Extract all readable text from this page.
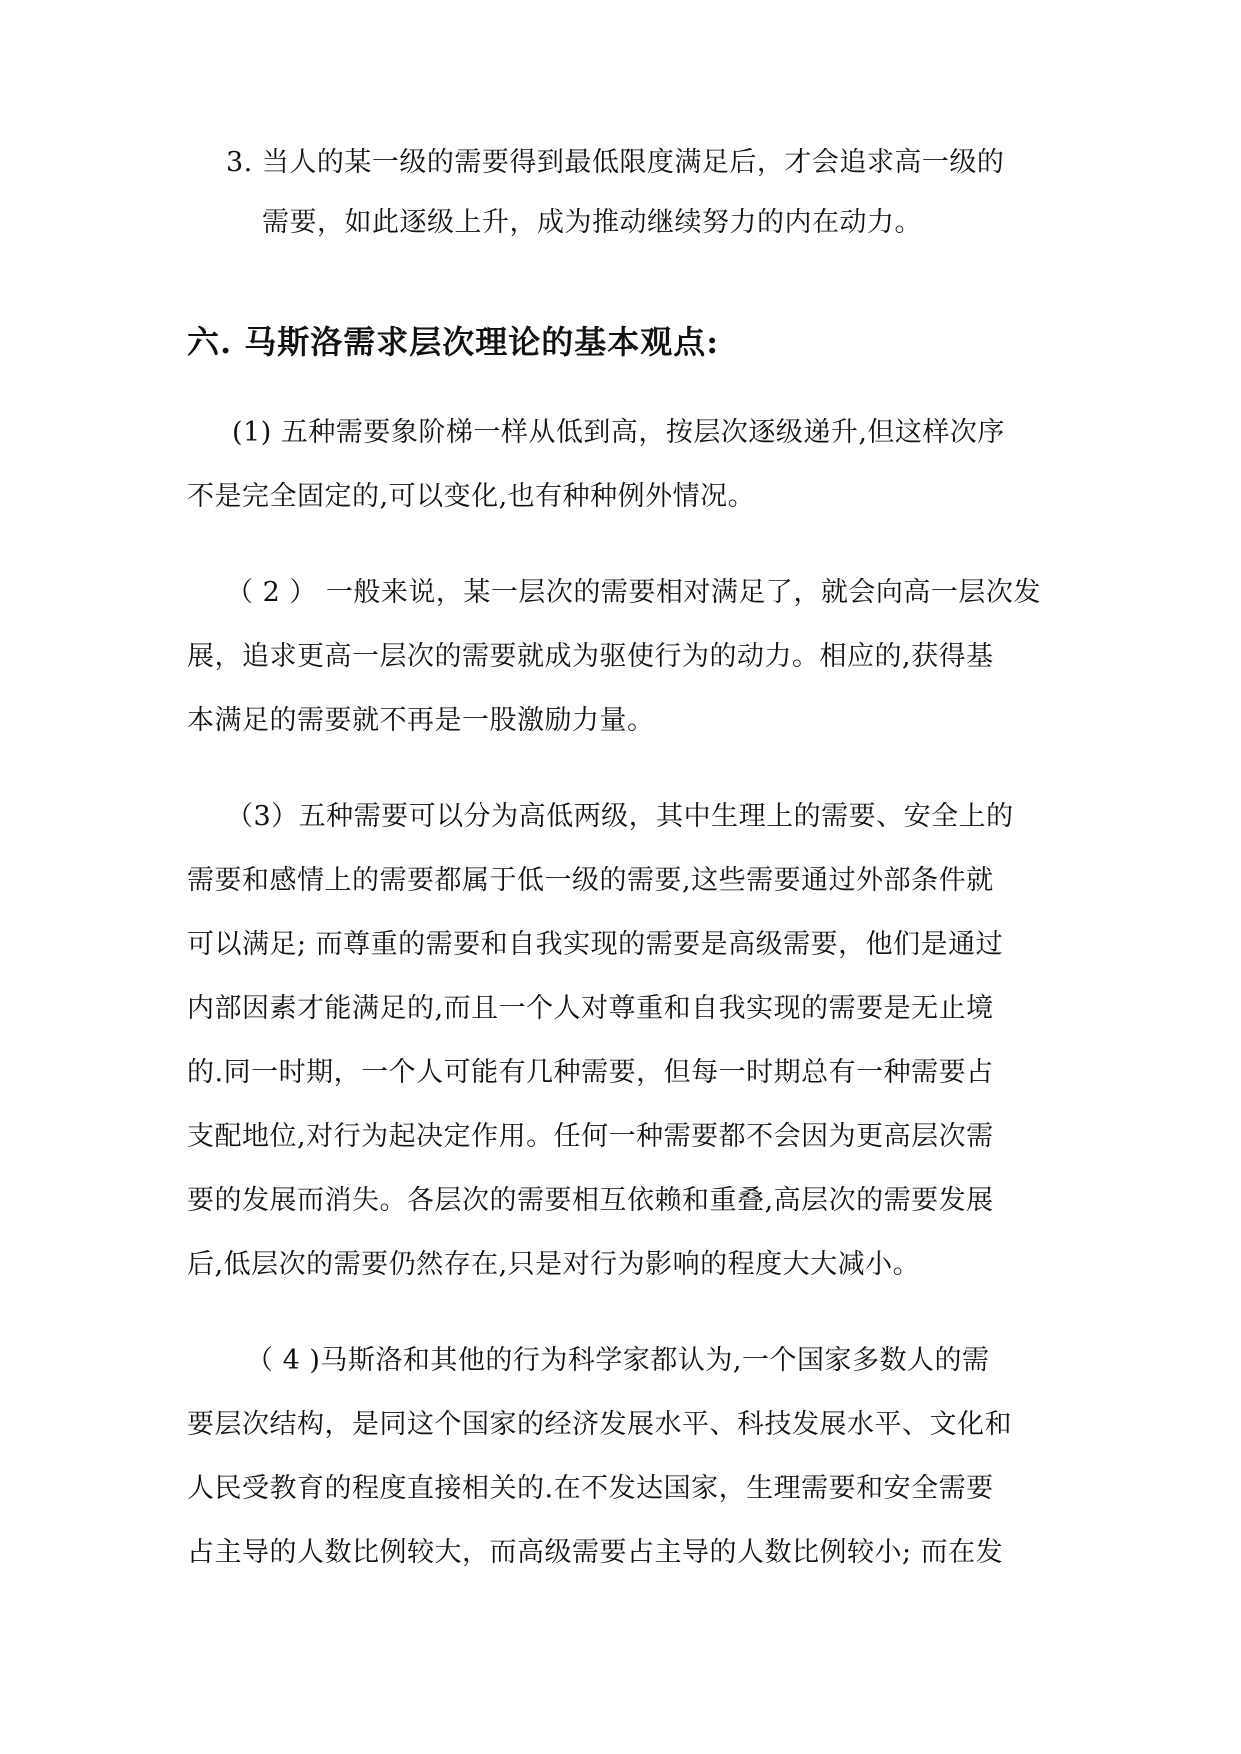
3. 当人的某一级的需要得到最低限度满足后，才会追求高一级的
需要，如此逐级上升，成为推动继续努力的内在动力。
六. 马斯洛需求层次理论的基本观点:
(1) 五种需要象阶梯一样从低到高，按层次逐级递升,但这样次序
不是完全固定的,可以变化,也有种种例外情况。
（ 2 ） 一般来说，某一层次的需要相对满足了，就会向高一层次发
展，追求更高一层次的需要就成为驱使行为的动力。相应的,获得基
本满足的需要就不再是一股激励力量。
（3）五种需要可以分为高低两级，其中生理上的需要、安全上的
需要和感情上的需要都属于低一级的需要,这些需要通过外部条件就
可以满足; 而尊重的需要和自我实现的需要是高级需要，他们是通过
内部因素才能满足的,而且一个人对尊重和自我实现的需要是无止境
的.同一时期，一个人可能有几种需要，但每一时期总有一种需要占
支配地位,对行为起决定作用。任何一种需要都不会因为更高层次需
要的发展而消失。各层次的需要相互依赖和重叠,高层次的需要发展
后,低层次的需要仍然存在,只是对行为影响的程度大大减小。
（ 4 )马斯洛和其他的行为科学家都认为,一个国家多数人的需
要层次结构，是同这个国家的经济发展水平、科技发展水平、文化和
人民受教育的程度直接相关的.在不发达国家，生理需要和安全需要
占主导的人数比例较大，而高级需要占主导的人数比例较小; 而在发
